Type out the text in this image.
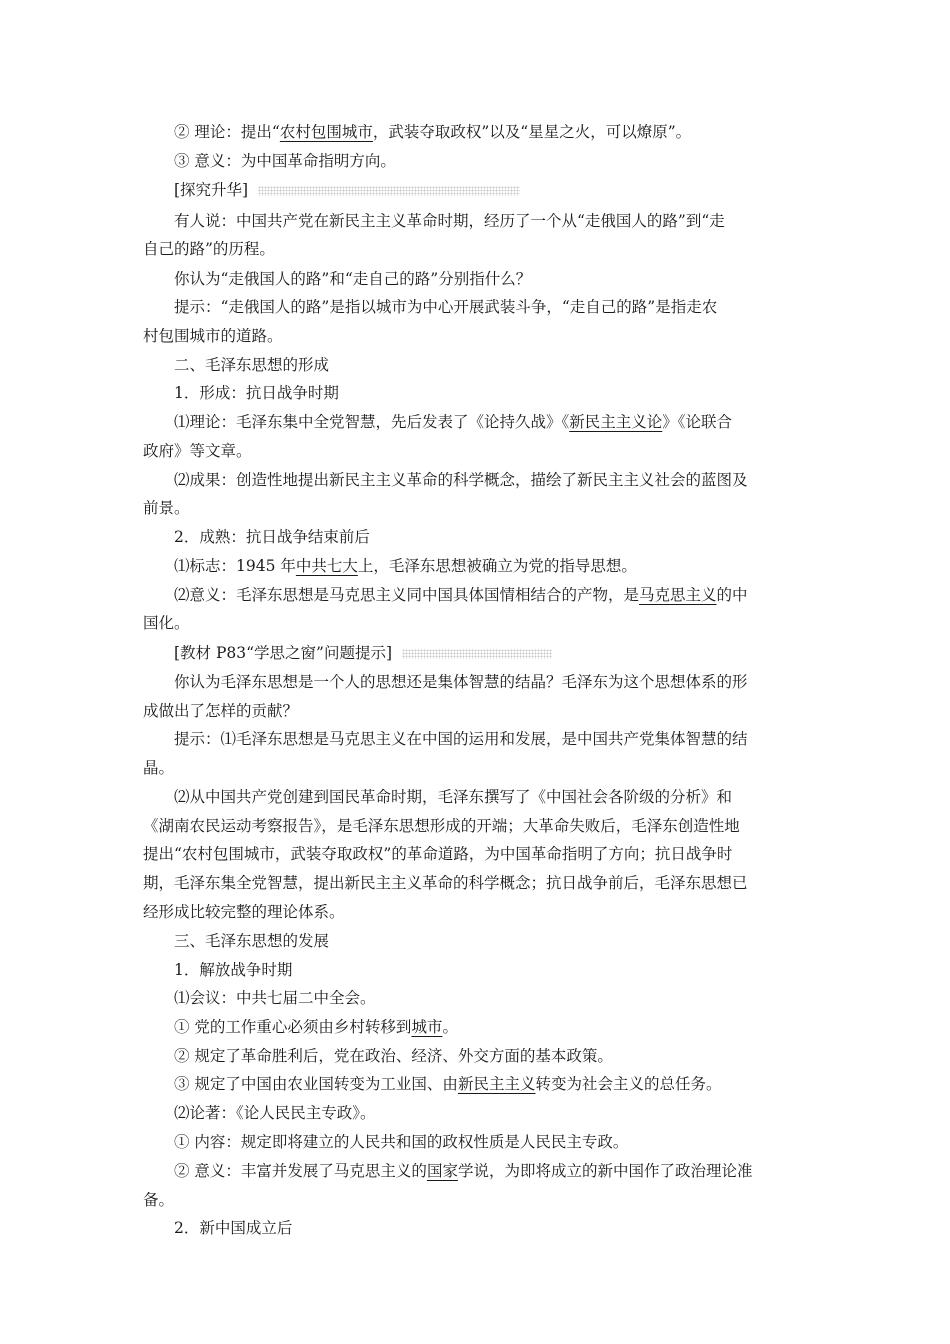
② 理论：提出“农村包围城市，武装夺取政权”以及“星星之火，可以燎原”。
③ 意义：为中国革命指明方向。
[探究升华]
有人说：中国共产党在新民主主义革命时期，经历了一个从“走俄国人的路”到“走
自己的路”的历程。
你认为“走俄国人的路”和“走自己的路”分别指什么？
提示：“走俄国人的路”是指以城市为中心开展武装斗争，“走自己的路”是指走农
村包围城市的道路。
二、毛泽东思想的形成
1．形成：抗日战争时期
⑴理论：毛泽东集中全党智慧，先后发表了《论持久战》《新民主主义论》《论联合
政府》等文章。
⑵成果：创造性地提出新民主主义革命的科学概念，描绘了新民主主义社会的蓝图及
前景。
2．成熟：抗日战争结束前后
⑴标志：1945 年中共七大上，毛泽东思想被确立为党的指导思想。
⑵意义：毛泽东思想是马克思主义同中国具体国情相结合的产物，是马克思主义的中
国化。
[教材 P83“学思之窗”问题提示]
你认为毛泽东思想是一个人的思想还是集体智慧的结晶？毛泽东为这个思想体系的形
成做出了怎样的贡献？
提示：⑴毛泽东思想是马克思主义在中国的运用和发展，是中国共产党集体智慧的结
晶。
⑵从中国共产党创建到国民革命时期，毛泽东撰写了《中国社会各阶级的分析》和
《湖南农民运动考察报告》，是毛泽东思想形成的开端；大革命失败后，毛泽东创造性地
提出“农村包围城市，武装夺取政权”的革命道路，为中国革命指明了方向；抗日战争时
期，毛泽东集全党智慧，提出新民主主义革命的科学概念；抗日战争前后，毛泽东思想已
经形成比较完整的理论体系。
三、毛泽东思想的发展
1．解放战争时期
⑴会议：中共七届二中全会。
① 党的工作重心必须由乡村转移到城市。
② 规定了革命胜利后，党在政治、经济、外交方面的基本政策。
③ 规定了中国由农业国转变为工业国、由新民主主义转变为社会主义的总任务。
⑵论著：《论人民民主专政》。
① 内容：规定即将建立的人民共和国的政权性质是人民民主专政。
② 意义：丰富并发展了马克思主义的国家学说，为即将成立的新中国作了政治理论准
备。
2．新中国成立后
